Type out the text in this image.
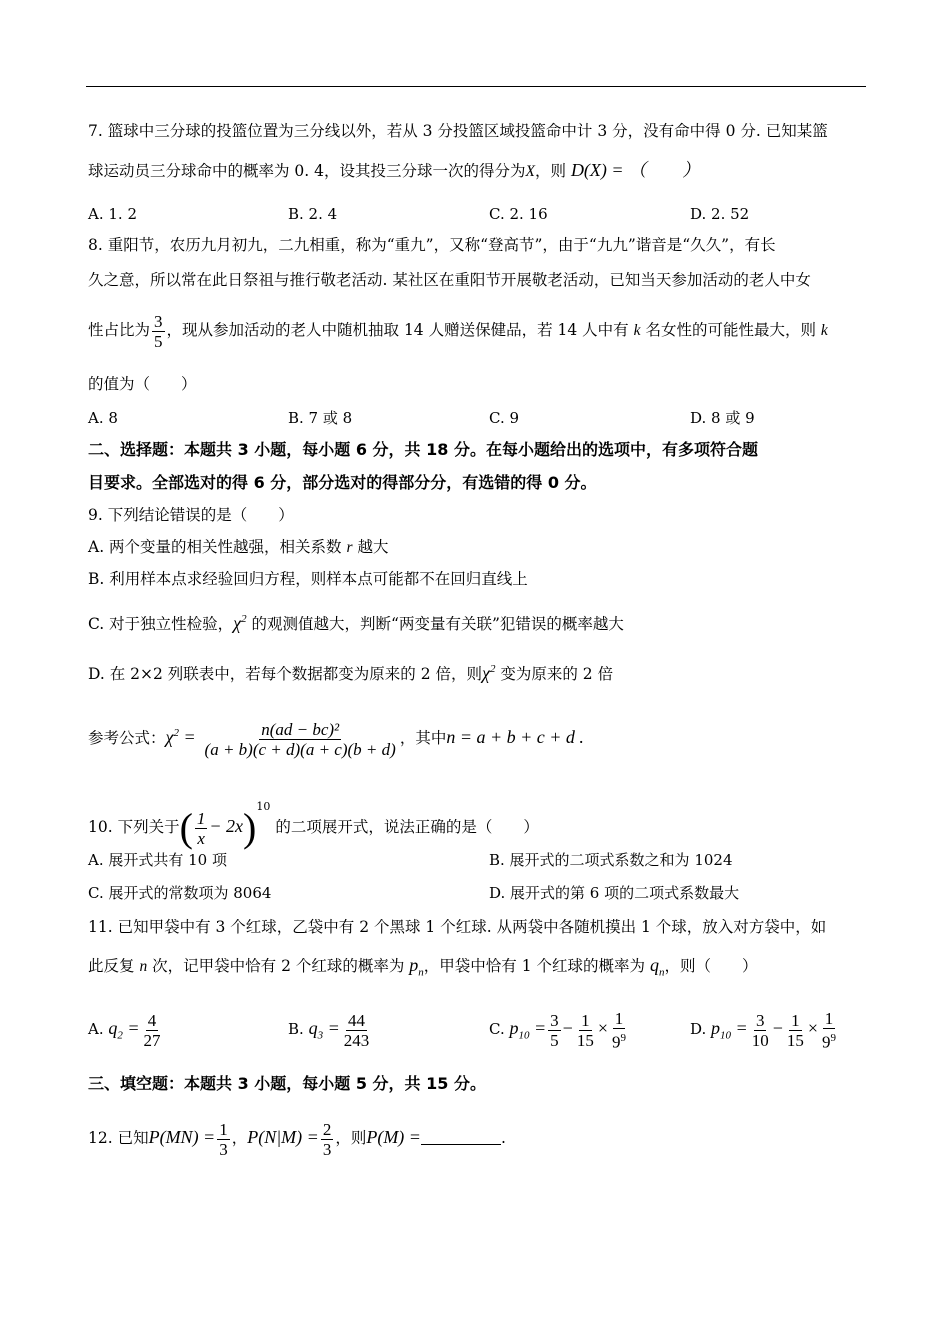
7. 篮球中三分球的投篮位置为三分线以外，若从 3 分投篮区域投篮命中计 3 分，没有命中得 0 分. 已知某篮
球运动员三分球命中的概率为 0. 4，设其投三分球一次的得分为X，则 D(X) = （　　）
A. 1. 2	B. 2. 4	C. 2. 16	D. 2. 52
8. 重阳节，农历九月初九，二九相重，称为“重九”，又称“登高节”，由于“九九”谐音是“久久”，有长
久之意，所以常在此日祭祖与推行敬老活动. 某社区在重阳节开展敬老活动，已知当天参加活动的老人中女
性占比为 $\frac{3}{5}$ ，现从参加活动的老人中随机抽取 14 人赠送保健品，若 14 人中有 k 名女性的可能性最大，则 k
的值为（　　）
A. 8	B. 7 或 8	C. 9	D. 8 或 9
二、选择题：本题共 3 小题，每小题 6 分，共 18 分。在每小题给出的选项中，有多项符合题
目要求。全部选对的得 6 分，部分选对的得部分分，有选错的得 0 分。
9. 下列结论错误的是（　　）
A. 两个变量的相关性越强，相关系数 r 越大
B. 利用样本点求经验回归方程，则样本点可能都不在回归直线上
C. 对于独立性检验，$\chi^2$ 的观测值越大，判断“两变量有关联”犯错误的概率越大
D. 在 2×2 列联表中，若每个数据都变为原来的 2 倍，则$\chi^2$ 变为原来的 2 倍
参考公式：$\chi^2 = \frac{\text{n(ad − bc)²}}{(a + b)(c + d)(a + c)(b + d)}$ ，其中n = a + b + c + d .
10. 下列关于( $\frac{1}{x} - 2x)^{10}$ 的二项展开式，说法正确的是（　　）
A. 展开式共有 10 项	B. 展开式的二项式系数之和为 1024
C. 展开式的常数项为 8064	D. 展开式的第 6 项的二项式系数最大
11. 已知甲袋中有 3 个红球，乙袋中有 2 个黑球 1 个红球. 从两袋中各随机摸出 1 个球，放入对方袋中，如
此反复 n 次，记甲袋中恰有 2 个红球的概率为 $p_n$，甲袋中恰有 1 个红球的概率为 $q_n$，则（　　）
A. $q_2 = \frac{4}{27}$	B. $q_3 = \frac{44}{243}$	C. $p_{10} = \frac{3}{5} - \frac{1}{15} \times \frac{1}{9^9}$	D. $p_{10} = \frac{3}{10} - \frac{1}{15} \times \frac{1}{9^9}$
三、填空题：本题共 3 小题，每小题 5 分，共 15 分。
12. 已知$P(MN) = \frac{1}{3}$ ，$P(N|M) = \frac{2}{3}$ ，则P(M) =	.
